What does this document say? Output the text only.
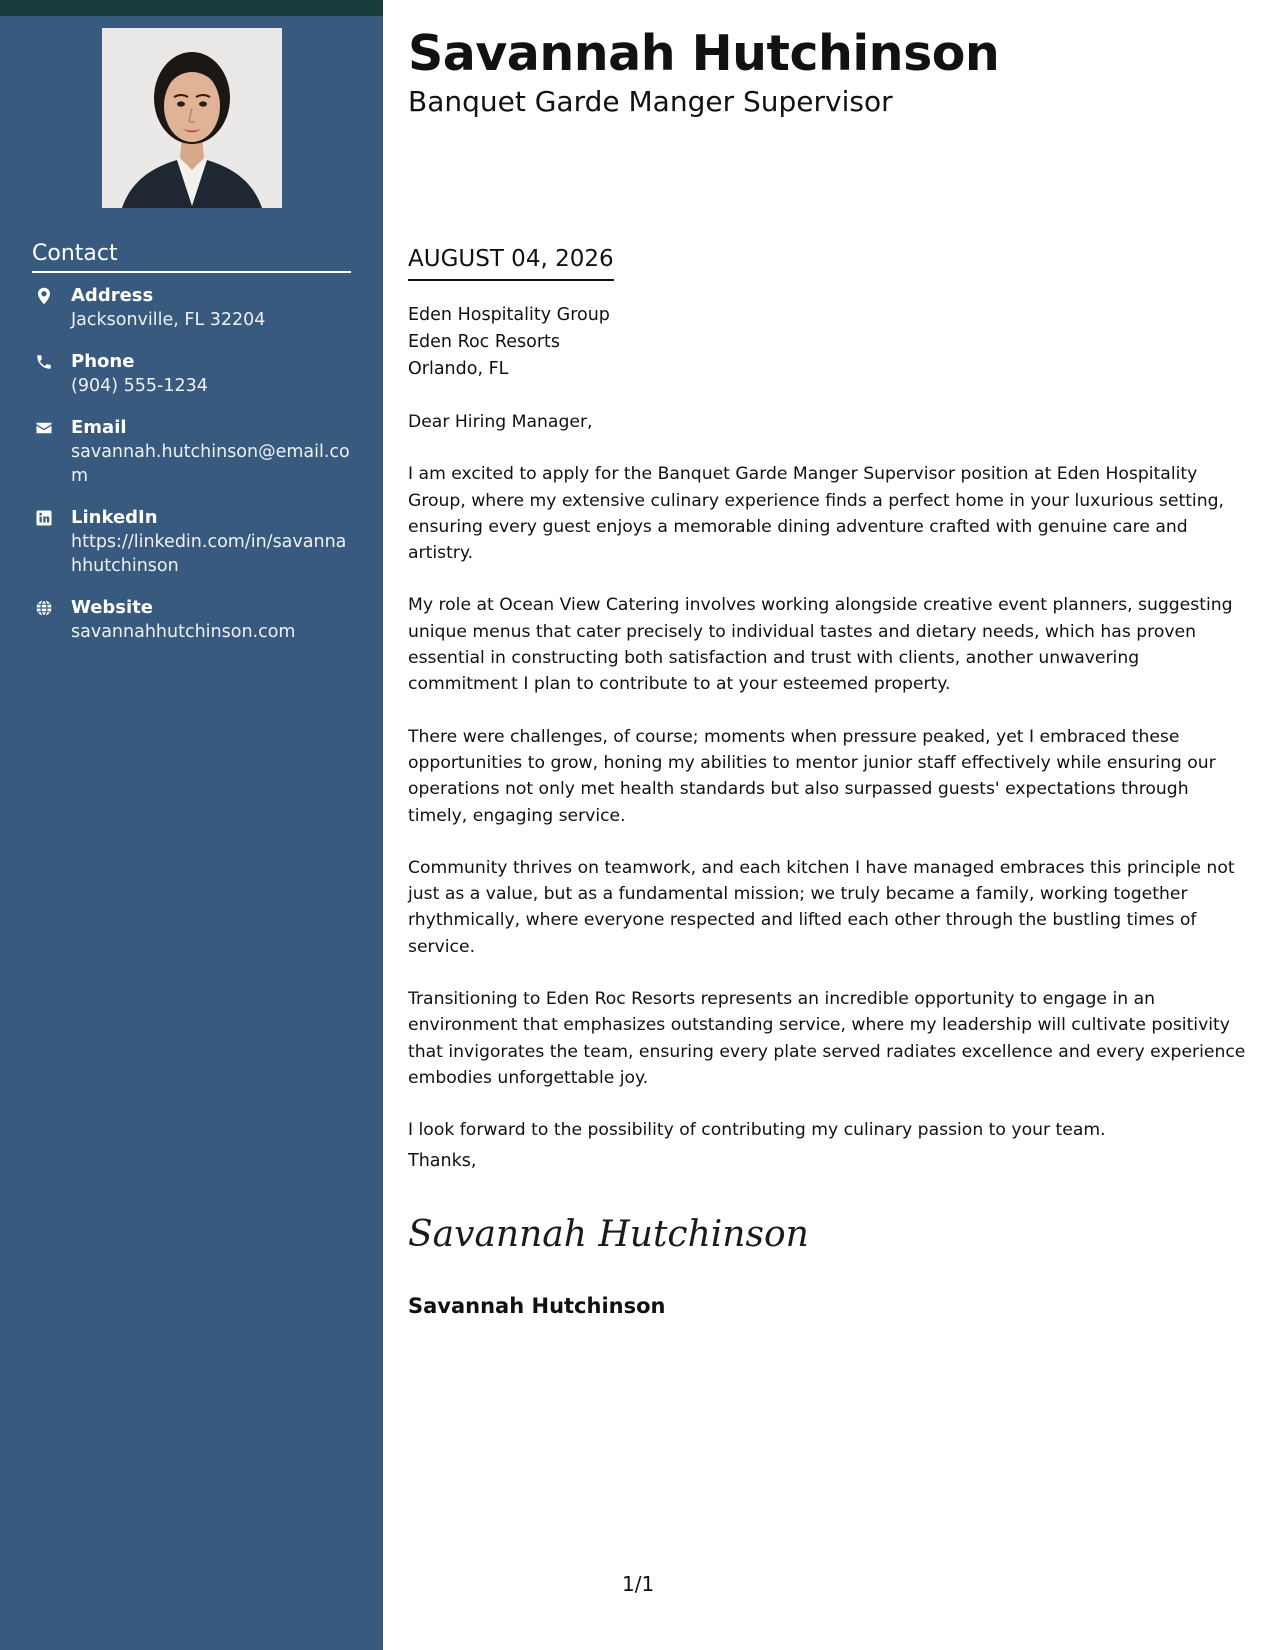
Contact
Address
Jacksonville, FL 32204
Phone
(904) 555-1234
Email
savannah.hutchinson@email.com
LinkedIn
https://linkedin.com/in/savannahhutchinson
Website
savannahhutchinson.com
Savannah Hutchinson
Banquet Garde Manger Supervisor
AUGUST 04, 2026
Eden Hospitality Group
Eden Roc Resorts
Orlando, FL

Dear Hiring Manager,

I am excited to apply for the Banquet Garde Manger Supervisor position at Eden Hospitality Group, where my extensive culinary experience finds a perfect home in your luxurious setting, ensuring every guest enjoys a memorable dining adventure crafted with genuine care and artistry.

My role at Ocean View Catering involves working alongside creative event planners, suggesting unique menus that cater precisely to individual tastes and dietary needs, which has proven essential in constructing both satisfaction and trust with clients, another unwavering commitment I plan to contribute to at your esteemed property.

There were challenges, of course; moments when pressure peaked, yet I embraced these opportunities to grow, honing my abilities to mentor junior staff effectively while ensuring our operations not only met health standards but also surpassed guests' expectations through timely, engaging service.

Community thrives on teamwork, and each kitchen I have managed embraces this principle not just as a value, but as a fundamental mission; we truly became a family, working together rhythmically, where everyone respected and lifted each other through the bustling times of service.

Transitioning to Eden Roc Resorts represents an incredible opportunity to engage in an environment that emphasizes outstanding service, where my leadership will cultivate positivity that invigorates the team, ensuring every plate served radiates excellence and every experience embodies unforgettable joy.

I look forward to the possibility of contributing my culinary passion to your team.

Thanks,
Savannah Hutchinson
Savannah Hutchinson
1/1
